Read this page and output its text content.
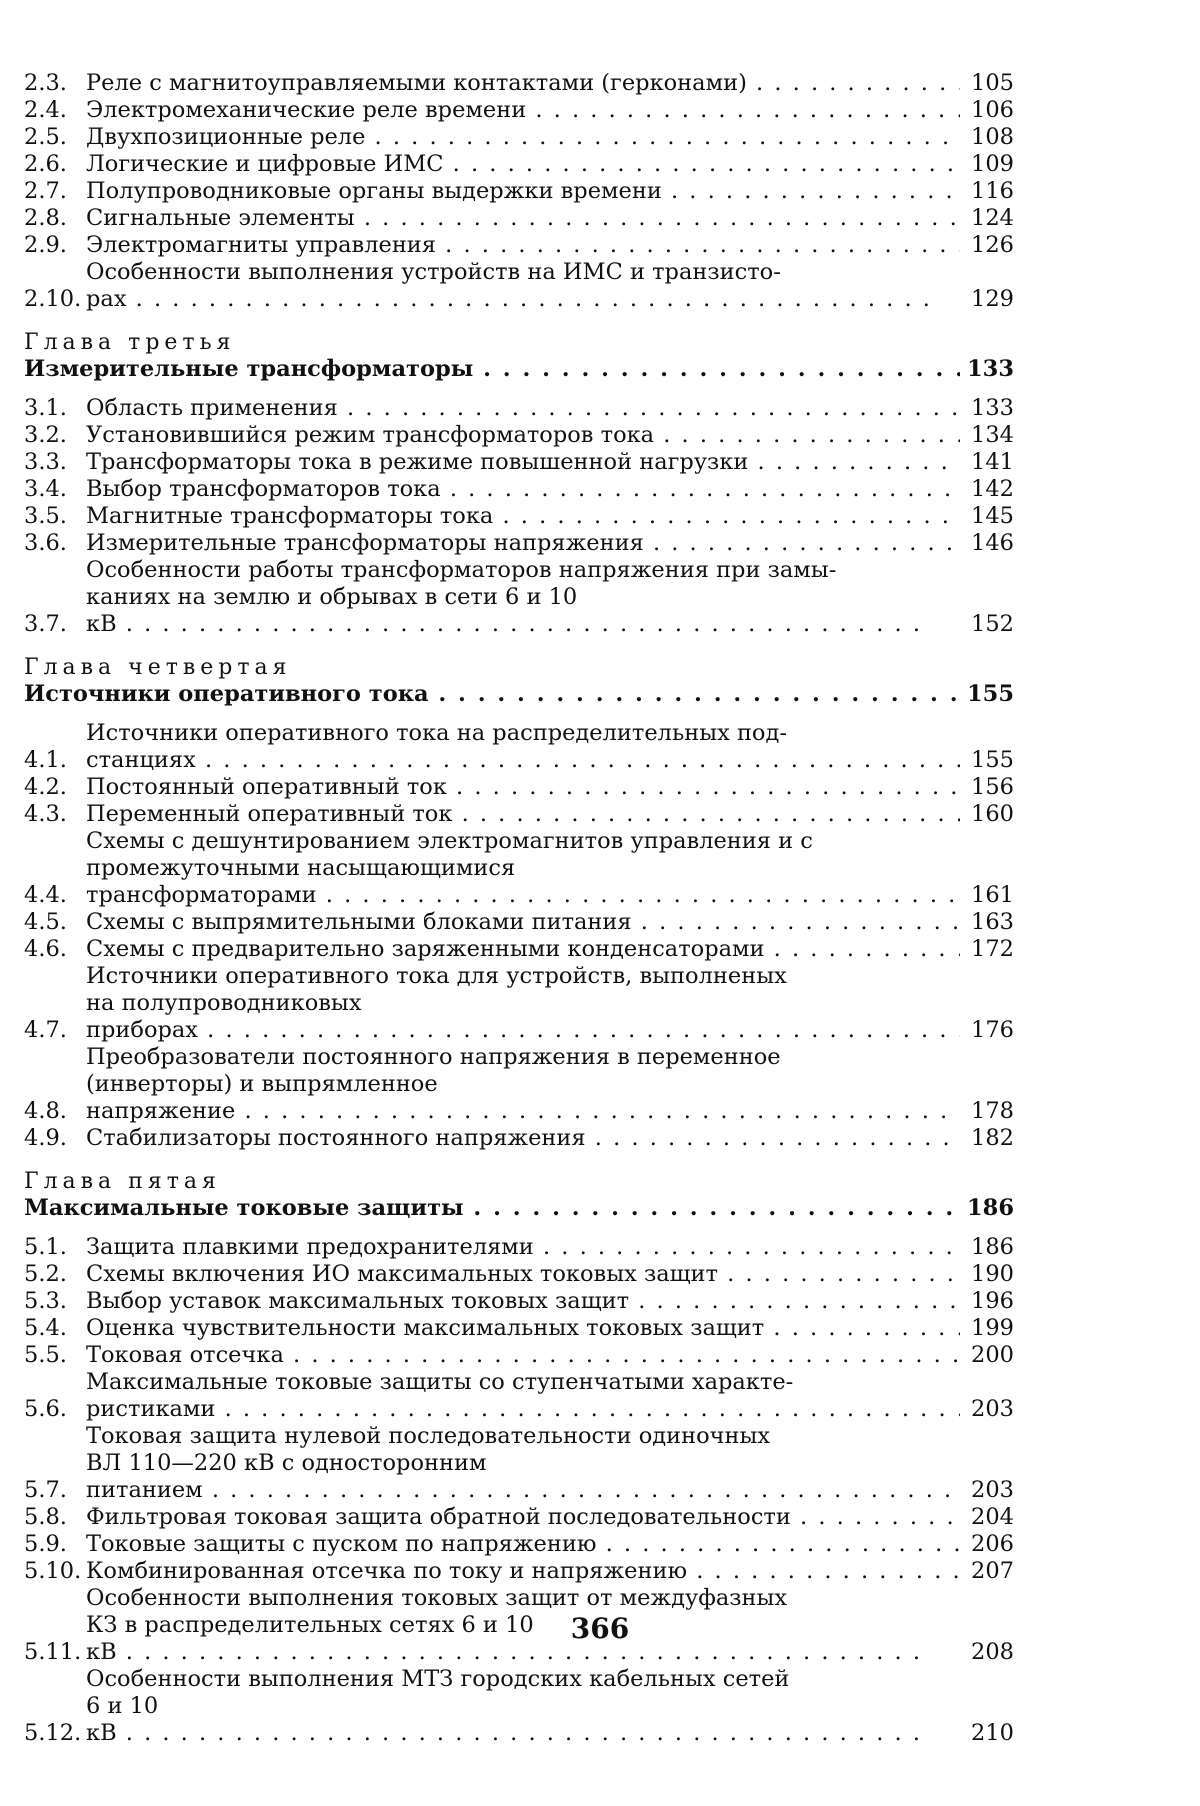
2.3. Реле с магнитоуправляемыми контактами (герконами) . .	105
2.4. Электромеханические реле времени . .	106
2.5. Двухпозиционные реле . .	108
2.6. Логические и цифровые ИМС . .	109
2.7. Полупроводниковые органы выдержки времени . .	116
2.8. Сигнальные элементы . .	124
2.9. Электромагниты управления . .	126
2.10.
Особенности выполнения устройств на ИМС и транзисто-
рах . .	129
Глава третья
Измерительные трансформаторы . .	133
3.1. Область применения . .	133
3.2. Установившийся режим трансформаторов тока . .	134
3.3. Трансформаторы тока в режиме повышенной нагрузки . .	141
3.4. Выбор трансформаторов тока . .	142
3.5. Магнитные трансформаторы тока . .	145
3.6. Измерительные трансформаторы напряжения . .	146
3.7.
Особенности работы трансформаторов напряжения при замы-
каниях на землю и обрывах в сети 6 и 10 кВ . .	152
Глава четвертая
Источники оперативного тока . .	155
4.1.
Источники оперативного тока на распределительных под-
станциях . .	155
4.2. Постоянный оперативный ток . .	156
4.3. Переменный оперативный ток . .	160
4.4.
Схемы с дешунтированием электромагнитов управления и с
промежуточными насыщающимися трансформаторами . .	161
4.5. Схемы с выпрямительными блоками питания . .	163
4.6. Схемы с предварительно заряженными конденсаторами . .	172
4.7.
Источники оперативного тока для устройств, выполненых
на полупроводниковых приборах . .	176
4.8.
Преобразователи постоянного напряжения в переменное
(инверторы) и выпрямленное напряжение . .	178
4.9. Стабилизаторы постоянного напряжения . .	182
Глава пятая
Максимальные токовые защиты . .	186
5.1. Защита плавкими предохранителями . .	186
5.2. Схемы включения ИО максимальных токовых защит . .	190
5.3. Выбор уставок максимальных токовых защит . .	196
5.4. Оценка чувствительности максимальных токовых защит . .	199
5.5. Токовая отсечка . .	200
5.6.
Максимальные токовые защиты со ступенчатыми характе-
ристиками . .	203
5.7.
Токовая защита нулевой последовательности одиночных
ВЛ 110—220 кВ с односторонним питанием . .	203
5.8. Фильтровая токовая защита обратной последовательности . .	204
5.9. Токовые защиты с пуском по напряжению . .	206
5.10. Комбинированная отсечка по току и напряжению . .	207
5.11.
Особенности выполнения токовых защит от междуфазных
КЗ в распределительных сетях 6 и 10 кВ . .	208
5.12.
Особенности выполнения МТЗ городских кабельных сетей
6 и 10 кВ . .	210
366
